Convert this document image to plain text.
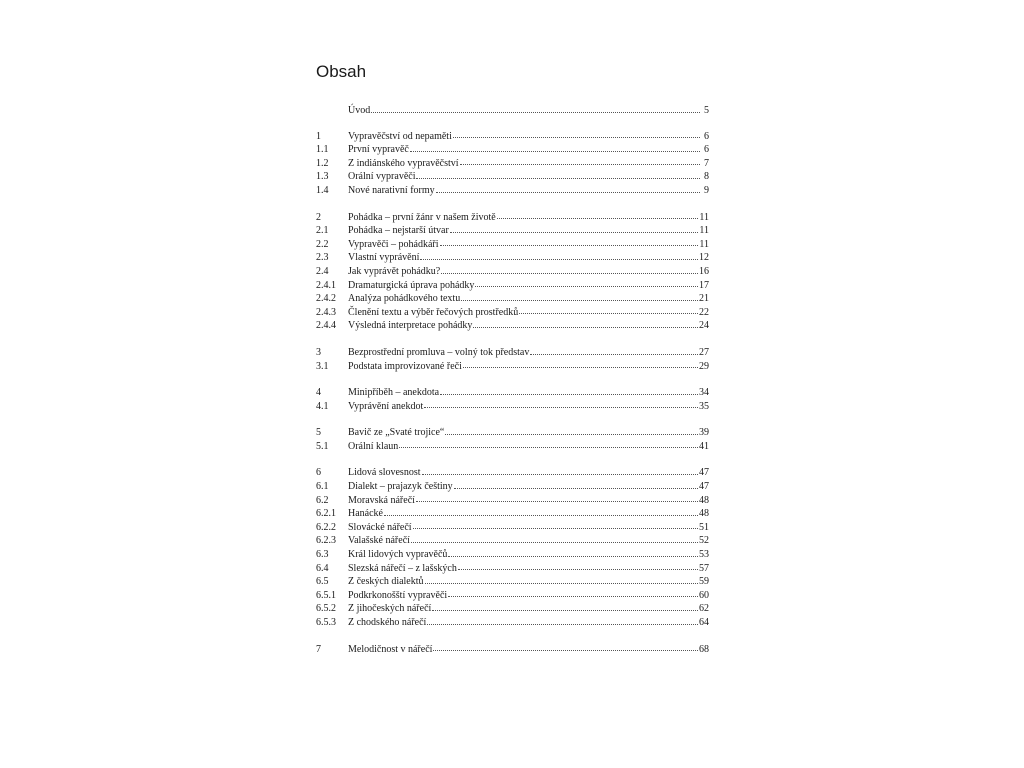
Obsah
Úvod	5
1	Vypravěčství od nepaměti	6
1.1	První vypravěč	6
1.2	Z indiánského vypravěčství	7
1.3	Orální vypravěči	8
1.4	Nové narativní formy	9
2	Pohádka – první žánr v našem životě	11
2.1	Pohádka – nejstarší útvar	11
2.2	Vypravěči – pohádkáři	11
2.3	Vlastní vyprávění	12
2.4	Jak vyprávět pohádku?	16
2.4.1	Dramaturgická úprava pohádky	17
2.4.2	Analýza pohádkového textu	21
2.4.3	Členění textu a výběr řečových prostředků	22
2.4.4	Výsledná interpretace pohádky	24
3	Bezprostřední promluva – volný tok představ	27
3.1	Podstata improvizované řeči	29
4	Minipříběh – anekdota	34
4.1	Vyprávění anekdot	35
5	Bavič ze „Svaté trojice“	39
5.1	Orální klaun	41
6	Lidová slovesnost	47
6.1	Dialekt – prajazyk češtiny	47
6.2	Moravská nářečí	48
6.2.1	Hanácké	48
6.2.2	Slovácké nářečí	51
6.2.3	Valašské nářečí	52
6.3	Král lidových vypravěčů	53
6.4	Slezská nářečí – z lašských	57
6.5	Z českých dialektů	59
6.5.1	Podkrkonošští vypravěči	60
6.5.2	Z jihočeských nářečí	62
6.5.3	Z chodského nářečí	64
7	Melodičnost v nářečí	68
